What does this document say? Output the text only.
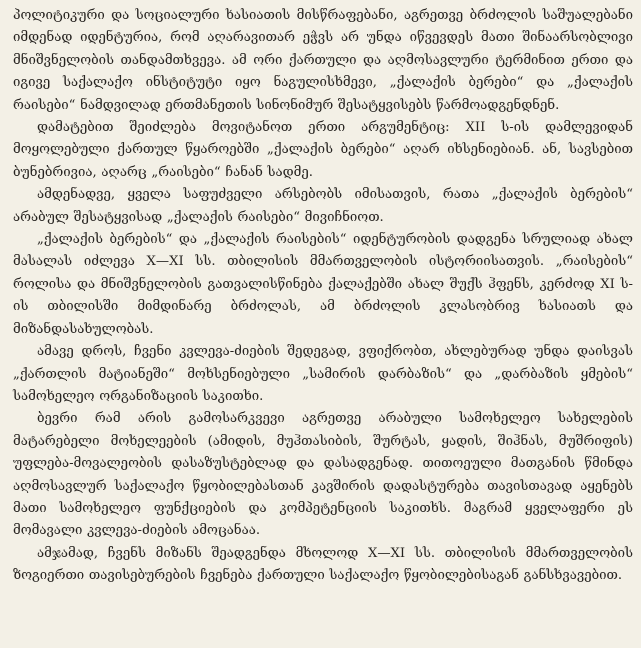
პოლიტიკური და სოციალური ხასიათის მისწრაფებანი, აგრეთვე ბრძოლის საშუალებანი იმდენად იდენტურია, რომ აღარავითარ ეჭვს არ უნდა იწვევდეს მათი შინაარსობლივი მნიშვნელობის თანდამთხვევა. ამ ორი ქართული და აღმოსავლური ტერმინით ერთი და იგივე საქალაქო ინსტიტუტი იყო ნაგულისხმევი, „ქალაქის ბერები“ და „ქალაქის რაისები“ ნამდვილად ერთმანეთის სინონიმურ შესატყვისებს წარმოადგენდნენ.

დამატებით შეიძლება მოვიტანოთ ერთი არგუმენტიც: XII ს-ის დამლევიდან მოყოლებული ქართულ წყაროებში „ქალაქის ბერები“ აღარ იხსენიებიან. ან, სავსებით ბუნებრივია, აღარც „რაისები“ ჩანან სადმე.

ამდენადვე, ყველა საფუძველი არსებობს იმისათვის, რათა „ქალაქის ბერების“ არაბულ შესატყვისად „ქალაქის რაისები“ მივიჩნიოთ.

„ქალაქის ბერების“ და „ქალაქის რაისების“ იდენტურობის დადგენა სრულიად ახალ მასალას იძლევა X—XI სს. თბილისის მმართველობის ისტორიისათვის. „რაისების“ როლისა და მნიშვნელობის გათვალისწინება ქალაქებში ახალ შუქს ჰფენს, კერძოდ XI ს-ის თბილისში მიმდინარე ბრძოლას, ამ ბრძოლის კლასობრივ ხასიათს და მიზანდასახულობას.

ამავე დროს, ჩვენი კვლევა-ძიების შედეგად, ვფიქრობთ, ახლებურად უნდა დაისვას „ქართლის მატიანეში“ მოხსენიებული „სამირის დარბაზის“ და „დარბაზის ყმების“ სამოხელეო ორგანიზაციის საკითხი.

ბევრი რამ არის გამოსარკვევი აგრეთვე არაბული სამოხელეო სახელების მატარებელი მოხელეების (ამიდის, მუჰთასიბის, შურტას, ყადის, შიჰნას, მუშრიფის) უფლება-მოვალეობის დასაზუსტებლად და დასადგენად. თითოეული მათგანის წმინდა აღმოსავლურ საქალაქო წყობილებასთან კავშირის დადასტურება თავისთავად აყენებს მათი სამოხელეო ფუნქციების და კომპეტენციის საკითხს. მაგრამ ყველაფერი ეს მომავალი კვლევა-ძიების ამოცანაა.

ამჯამად, ჩვენს მიზანს შეადგენდა მხოლოდ X—XI სს. თბილისის მმართველობის ზოგიერთი თავისებურების ჩვენება ქართული საქალაქო წყობილებისაგან განსხვავებით.
